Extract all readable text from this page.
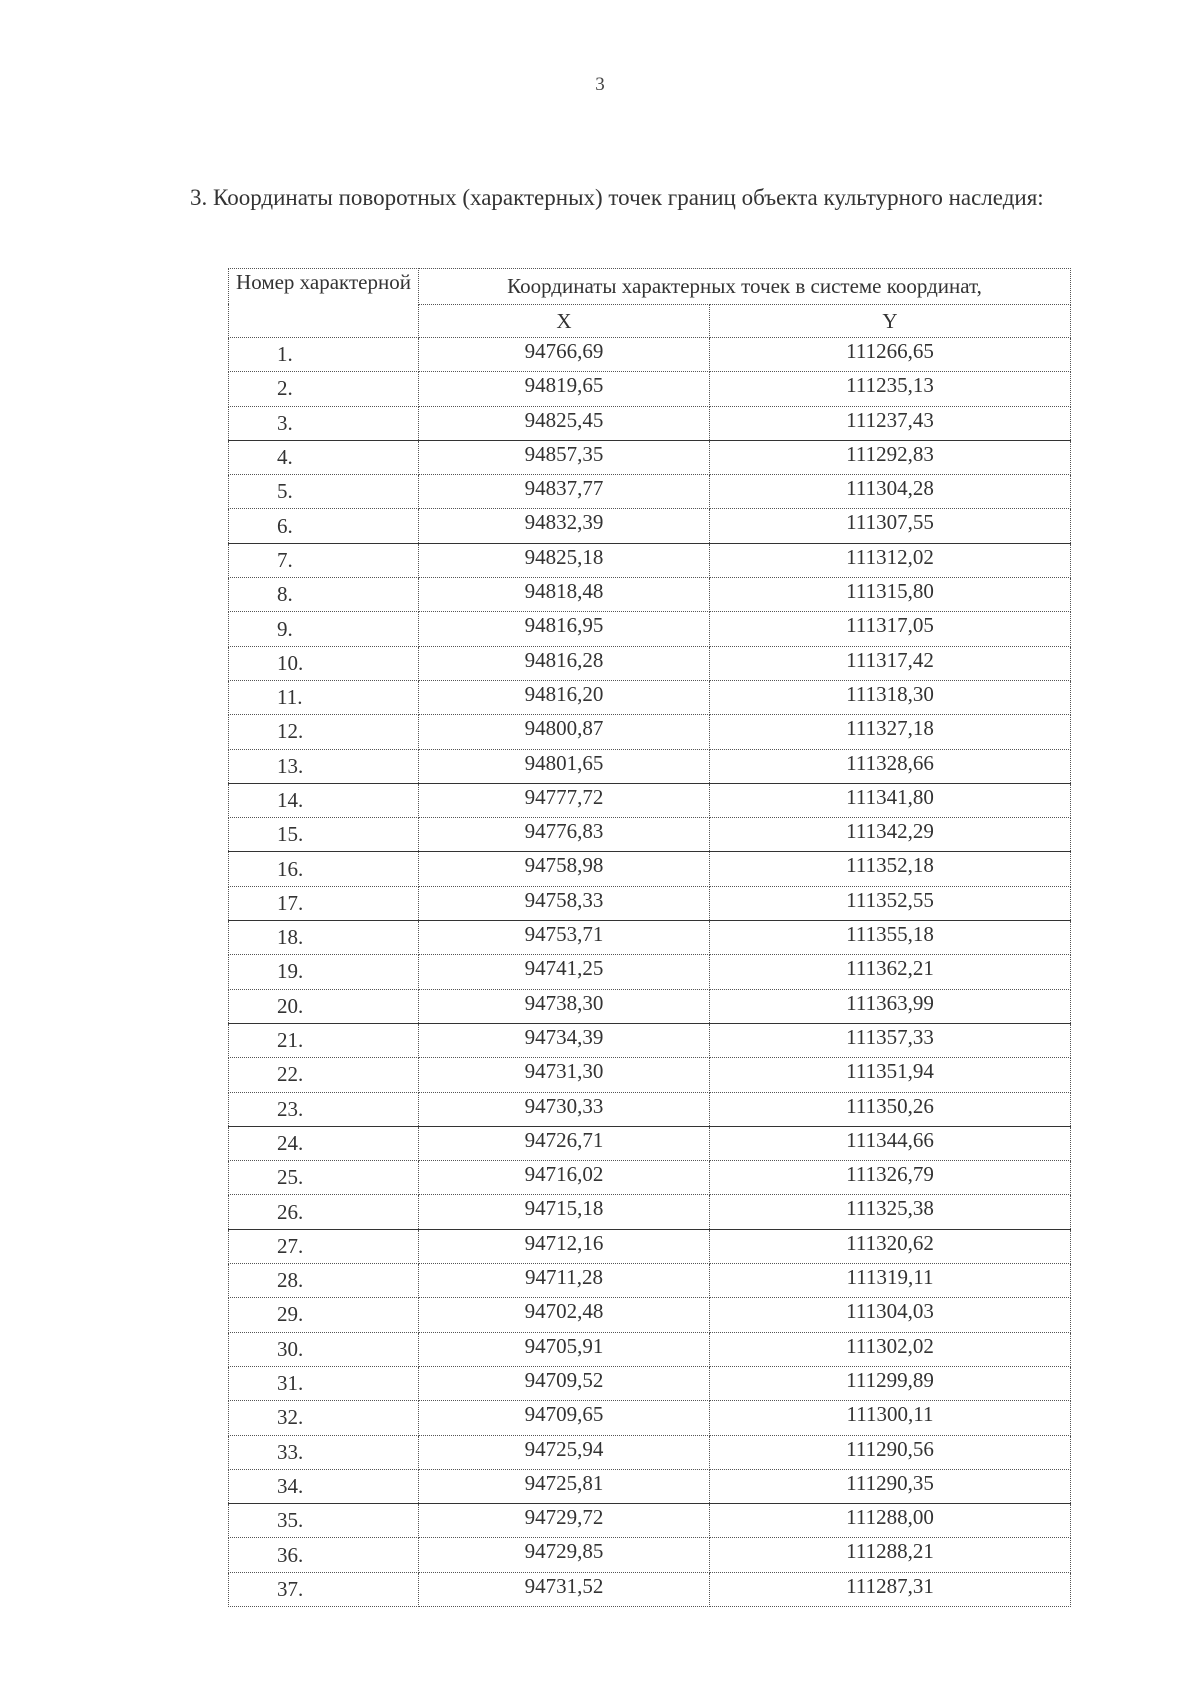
3
3. Координаты поворотных (характерных) точек границ объекта культурного наследия:
Номер характерной	Координаты характерных точек в системе координат,	
	X	Y
1.	94766,69	111266,65
2.	94819,65	111235,13
3.	94825,45	111237,43
4.	94857,35	111292,83
5.	94837,77	111304,28
6.	94832,39	111307,55
7.	94825,18	111312,02
8.	94818,48	111315,80
9.	94816,95	111317,05
10.	94816,28	111317,42
11.	94816,20	111318,30
12.	94800,87	111327,18
13.	94801,65	111328,66
14.	94777,72	111341,80
15.	94776,83	111342,29
16.	94758,98	111352,18
17.	94758,33	111352,55
18.	94753,71	111355,18
19.	94741,25	111362,21
20.	94738,30	111363,99
21.	94734,39	111357,33
22.	94731,30	111351,94
23.	94730,33	111350,26
24.	94726,71	111344,66
25.	94716,02	111326,79
26.	94715,18	111325,38
27.	94712,16	111320,62
28.	94711,28	111319,11
29.	94702,48	111304,03
30.	94705,91	111302,02
31.	94709,52	111299,89
32.	94709,65	111300,11
33.	94725,94	111290,56
34.	94725,81	111290,35
35.	94729,72	111288,00
36.	94729,85	111288,21
37.	94731,52	111287,31
